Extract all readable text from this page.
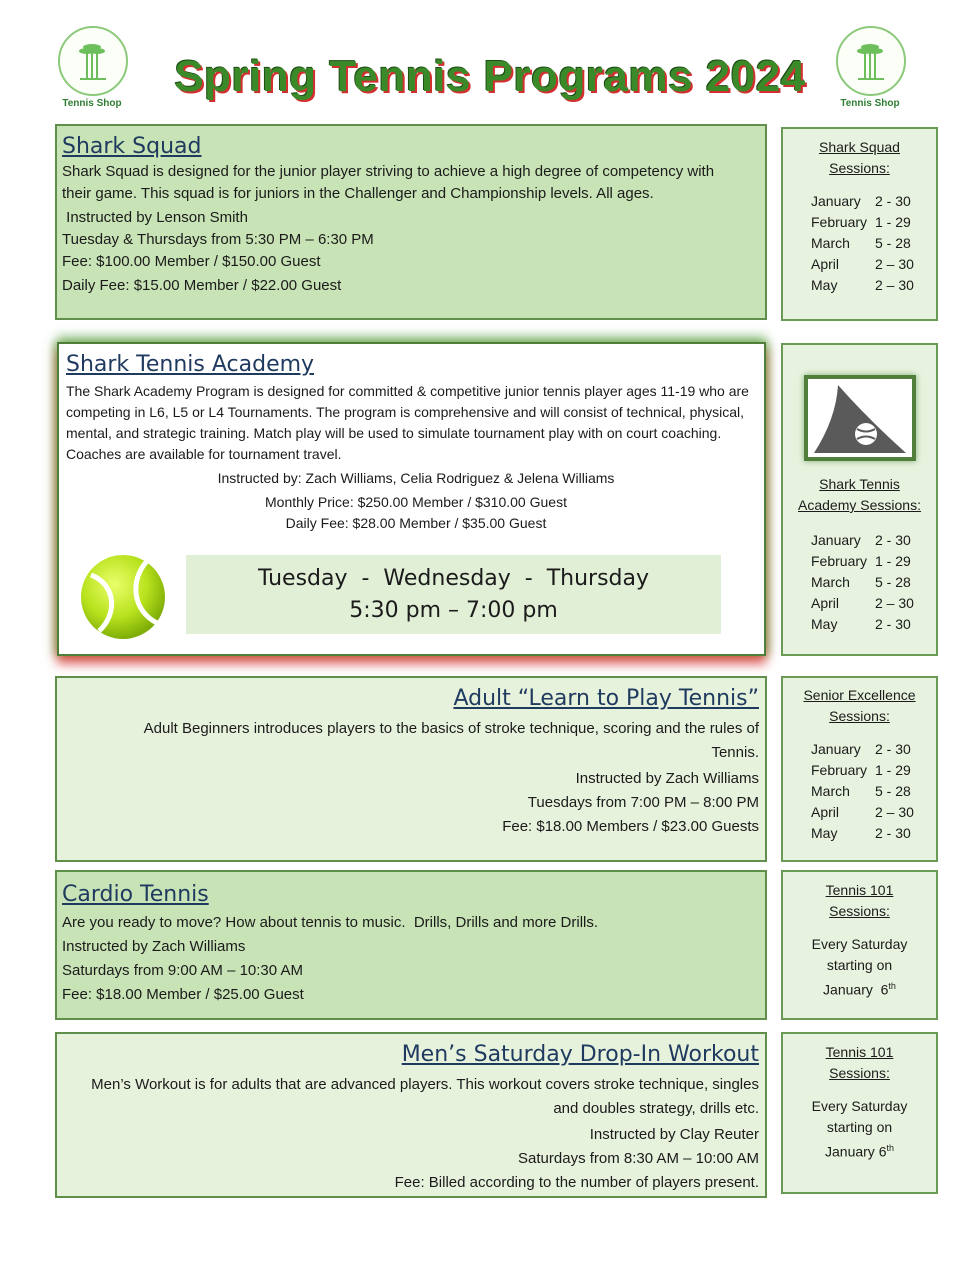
Tennis Shop
Spring Tennis Programs 2024
Tennis Shop
Shark Squad
Shark Squad is designed for the junior player striving to achieve a high degree of competency with their game. This squad is for juniors in the Challenger and Championship levels. All ages.
Instructed by Lenson Smith
Tuesday & Thursdays from 5:30 PM – 6:30 PM
Fee: $100.00 Member / $150.00 Guest
Daily Fee: $15.00 Member / $22.00 Guest
Shark Squad
Sessions:
January	2 - 30
February 1 - 29
March	5 - 28
April	2 – 30
May	2 – 30
Shark Tennis Academy
The Shark Academy Program is designed for committed & competitive junior tennis player ages 11-19 who are competing in L6, L5 or L4 Tournaments. The program is comprehensive and will consist of technical, physical, mental, and strategic training. Match play will be used to simulate tournament play with on court coaching. Coaches are available for tournament travel.
Instructed by: Zach Williams, Celia Rodriguez & Jelena Williams
Monthly Price: $250.00 Member / $310.00 Guest
Daily Fee: $28.00 Member / $35.00 Guest
Tuesday  -  Wednesday  -  Thursday
5:30 pm – 7:00 pm
Shark Tennis
Academy Sessions:
January	2 - 30
February 1 - 29
March	5 - 28
April	2 – 30
May	2 - 30
Adult “Learn to Play Tennis”
Adult Beginners introduces players to the basics of stroke technique, scoring and the rules of Tennis.
Instructed by Zach Williams
Tuesdays from 7:00 PM – 8:00 PM
Fee: $18.00 Members / $23.00 Guests
Senior Excellence
Sessions:
January	2 - 30
February 1 - 29
March	5 - 28
April	2 – 30
May	2 - 30
Cardio Tennis
Are you ready to move? How about tennis to music.  Drills, Drills and more Drills.
Instructed by Zach Williams
Saturdays from 9:00 AM – 10:30 AM
Fee: $18.00 Member / $25.00 Guest
Tennis 101
Sessions:
Every Saturday
starting on
January  6th
Men’s Saturday Drop-In Workout
Men’s Workout is for adults that are advanced players. This workout covers stroke technique, singles and doubles strategy, drills etc.
Instructed by Clay Reuter
Saturdays from 8:30 AM – 10:00 AM
Fee: Billed according to the number of players present.
Tennis 101
Sessions:
Every Saturday
starting on
January 6th
